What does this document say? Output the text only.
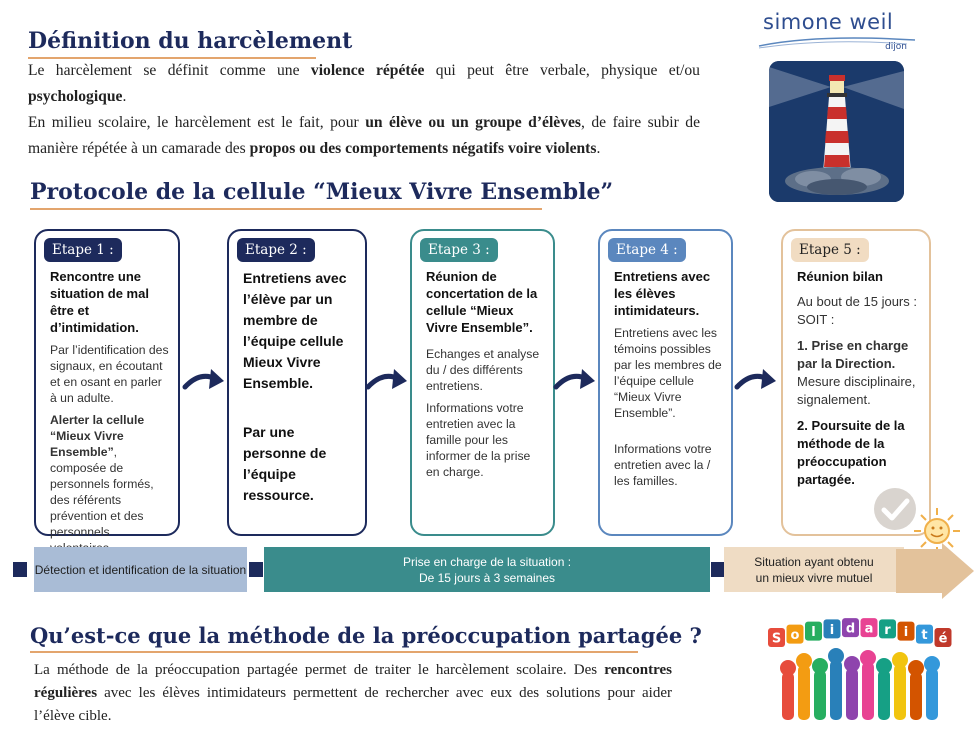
simone weil
dijon
Définition du harcèlement

Le harcèlement se définit comme une violence répétée qui peut être verbale, physique et/ou psychologique.

En milieu scolaire, le harcèlement est le fait, pour un élève ou un groupe d’élèves, de faire subir de manière répétée à un camarade des propos ou des comportements négatifs voire violents.

Protocole de la cellule “Mieux Vivre Ensemble”
Etape 1 :

Rencontre une situation de mal être et d’intimidation.

Par l’identification des signaux, en écoutant et en osant en parler à un adulte.

Alerter la cellule “Mieux Vivre Ensemble”, composée de personnels formés, des référents prévention et des personnels

Etape 2 :

Entretiens avec l’élève par un membre de l’équipe cellule Mieux Vivre Ensemble.

Par une personne de l’équipe ressource.

Etape 3 :

Réunion de concertation de la cellule “Mieux Vivre Ensemble”.

Echanges et analyse du / des différents entretiens.

Informations votre entretien avec la famille pour les informer de la prise en charge.

Etape 4 :

Entretiens avec les élèves intimidateurs.

Entretiens avec les témoins possibles par les membres de l’équipe cellule “Mieux Vivre Ensemble”.

Informations votre entretien avec la / les familles.

Etape 5 :

Réunion bilan

Au bout de 15 jours : SOIT :

1. Prise en charge par la Direction. Mesure disciplinaire, signalement.

2. Poursuite de la méthode de la préoccupation partagée.

Détection et identification de la situation
Prise en charge de la situation :
De 15 jours à 3 semaines
Situation ayant obtenu
un mieux vivre mutuel
Qu’est-ce que la méthode de la préoccupation partagée ?

La méthode de la préoccupation partagée permet de traiter le harcèlement scolaire. Des rencontres régulières avec les élèves intimidateurs permettent de rechercher avec eux des solutions pour aider l’élève cible.

S o l i d a r i t é
